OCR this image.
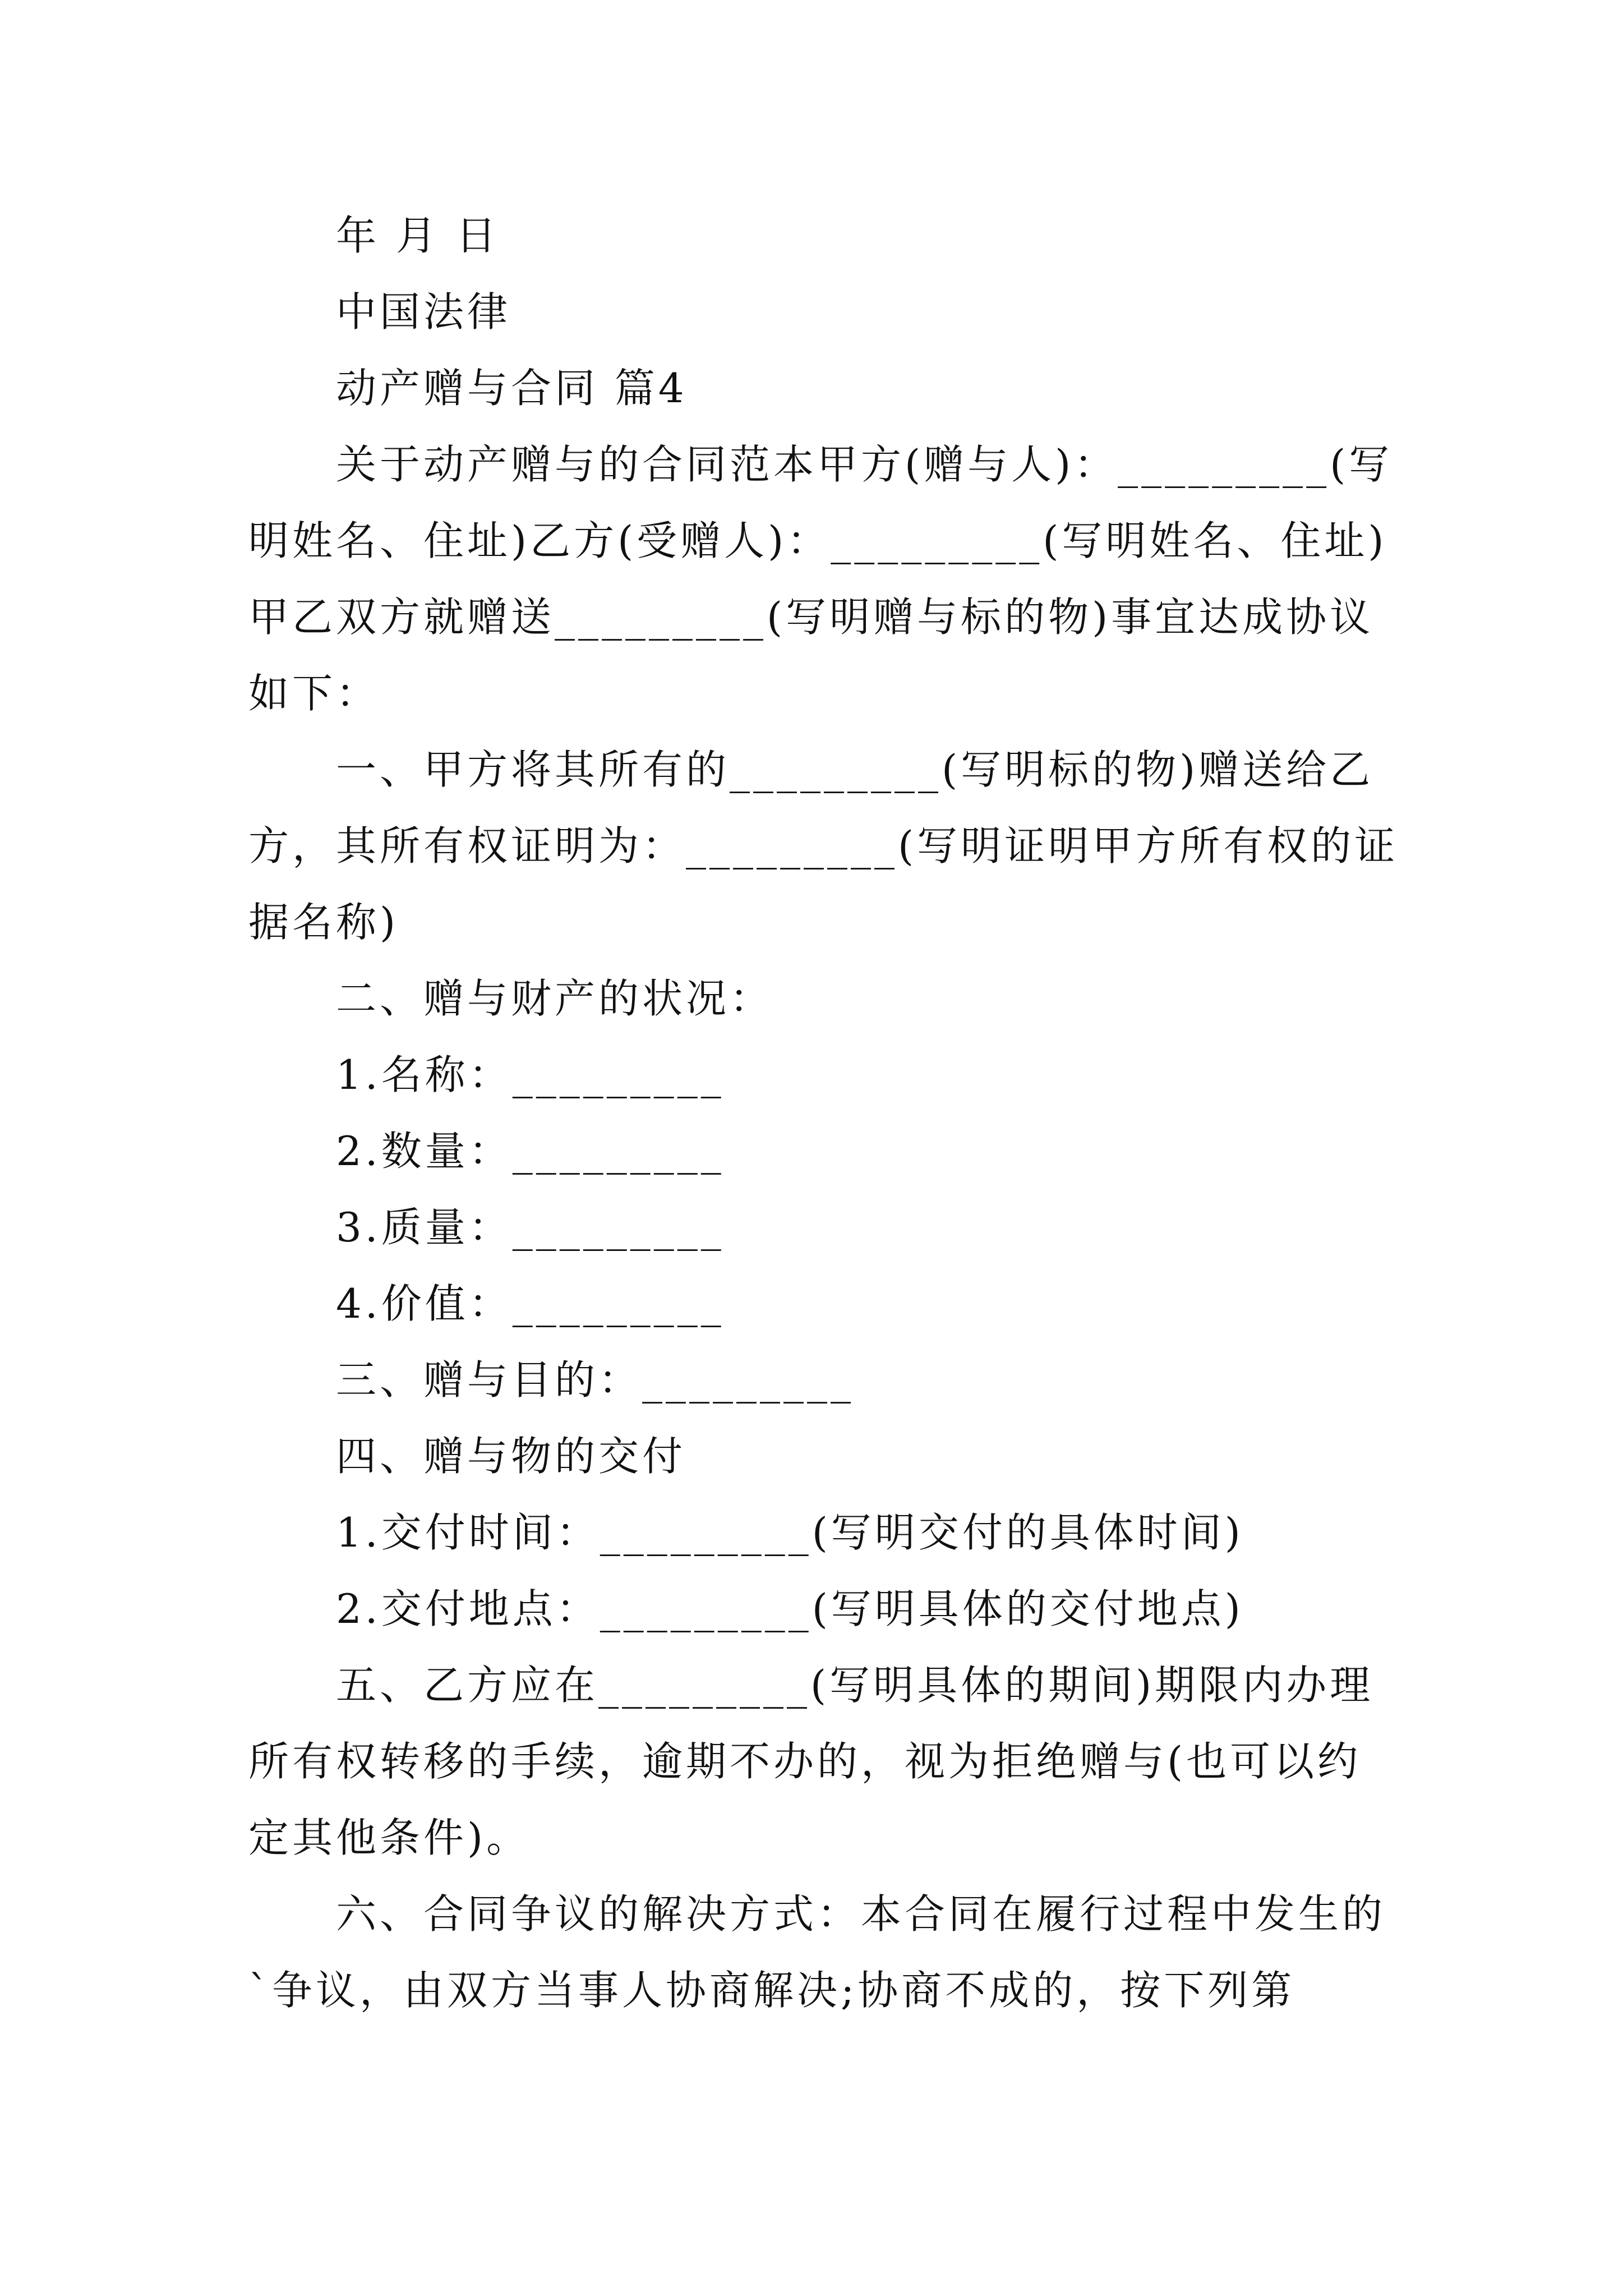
年 月 日
中国法律
动产赠与合同 篇4
关于动产赠与的合同范本甲方(赠与人)：_________(写
明姓名、住址)乙方(受赠人)：_________(写明姓名、住址)
甲乙双方就赠送_________(写明赠与标的物)事宜达成协议
如下：
一、甲方将其所有的_________(写明标的物)赠送给乙
方，其所有权证明为：_________(写明证明甲方所有权的证
据名称)
二、赠与财产的状况：
1.名称：_________
2.数量：_________
3.质量：_________
4.价值：_________
三、赠与目的：_________
四、赠与物的交付
1.交付时间：_________(写明交付的具体时间)
2.交付地点：_________(写明具体的交付地点)
五、乙方应在_________(写明具体的期间)期限内办理
所有权转移的手续，逾期不办的，视为拒绝赠与(也可以约
定其他条件)。
六、合同争议的解决方式：本合同在履行过程中发生的
`争议，由双方当事人协商解决;协商不成的，按下列第
